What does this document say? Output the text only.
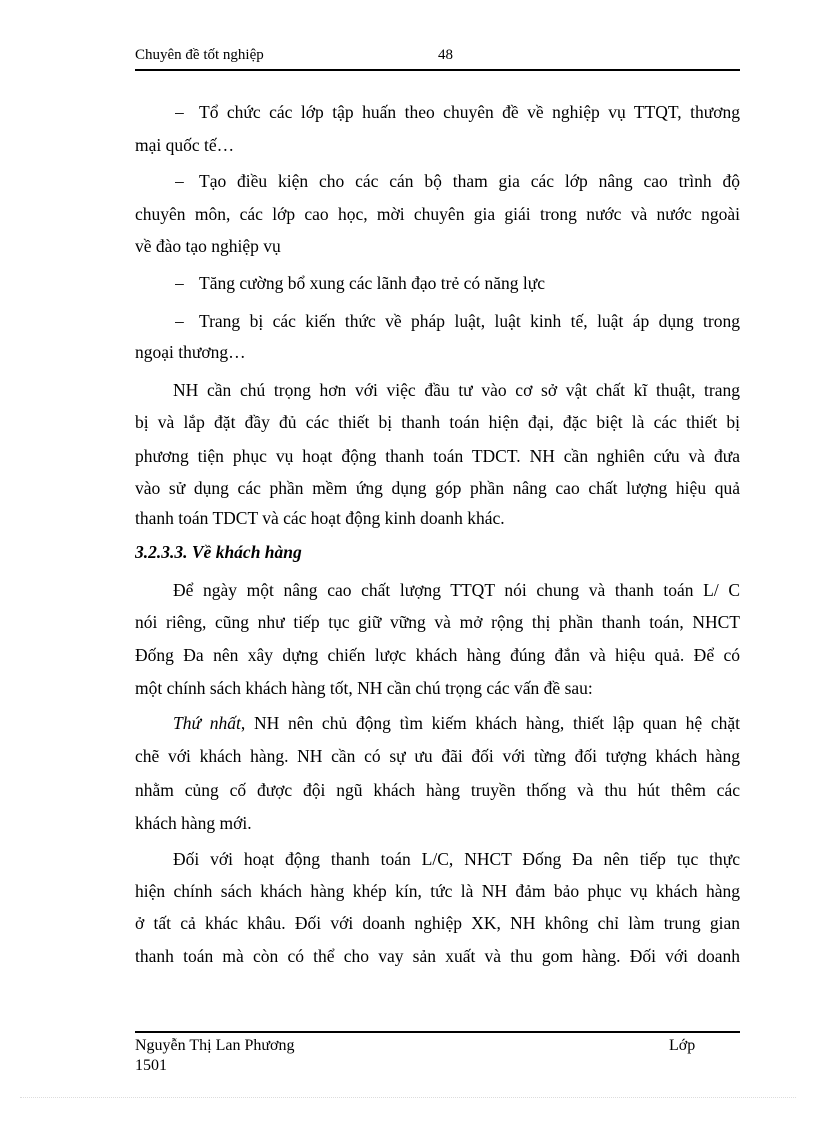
Chuyên đề tốt nghiệp	48
– Tổ chức các lớp tập huấn theo chuyên đề về nghiệp vụ TTQT, thương
mại quốc tế…
– Tạo điều kiện cho các cán bộ tham gia các lớp nâng cao trình độ
chuyên môn, các lớp cao học, mời chuyên gia giái trong nước và nước ngoài
về đào tạo nghiệp vụ
– Tăng cường bổ xung các lãnh đạo trẻ có năng lực
– Trang bị các kiến thức về pháp luật, luật kinh tế, luật áp dụng trong
ngoại thương…
NH cần chú trọng hơn với việc đầu tư vào cơ sở vật chất kĩ thuật, trang
bị và lắp đặt đầy đủ các thiết bị thanh toán hiện đại, đặc biệt là các thiết bị
phương tiện phục vụ hoạt động thanh toán TDCT. NH cần nghiên cứu và đưa
vào sử dụng các phần mềm ứng dụng góp phần nâng cao chất lượng hiệu quả
thanh toán TDCT và các hoạt động kinh doanh khác.
3.2.3.3. Về khách hàng
Để ngày một nâng cao chất lượng TTQT nói chung và thanh toán L/ C
nói riêng, cũng như tiếp tục giữ vững và mở rộng thị phần thanh toán, NHCT
Đống Đa nên xây dựng chiến lược khách hàng đúng đắn và hiệu quả. Để có
một chính sách khách hàng tốt, NH cần chú trọng các vấn đề sau:
Thứ nhất, NH nên chủ động tìm kiếm khách hàng, thiết lập quan hệ chặt
chẽ với khách hàng. NH cần có sự ưu đãi đối với từng đối tượng khách hàng
nhằm củng cố được đội ngũ khách hàng truyền thống và thu hút thêm các
khách hàng mới.
Đối với hoạt động thanh toán L/C, NHCT Đống Đa nên tiếp tục thực
hiện chính sách khách hàng khép kín, tức là NH đảm bảo phục vụ khách hàng
ở tất cả khác khâu. Đối với doanh nghiệp XK, NH không chỉ làm trung gian
thanh toán mà còn có thể cho vay sản xuất và thu gom hàng. Đối với doanh
Nguyễn Thị Lan Phương	Lớp
1501
